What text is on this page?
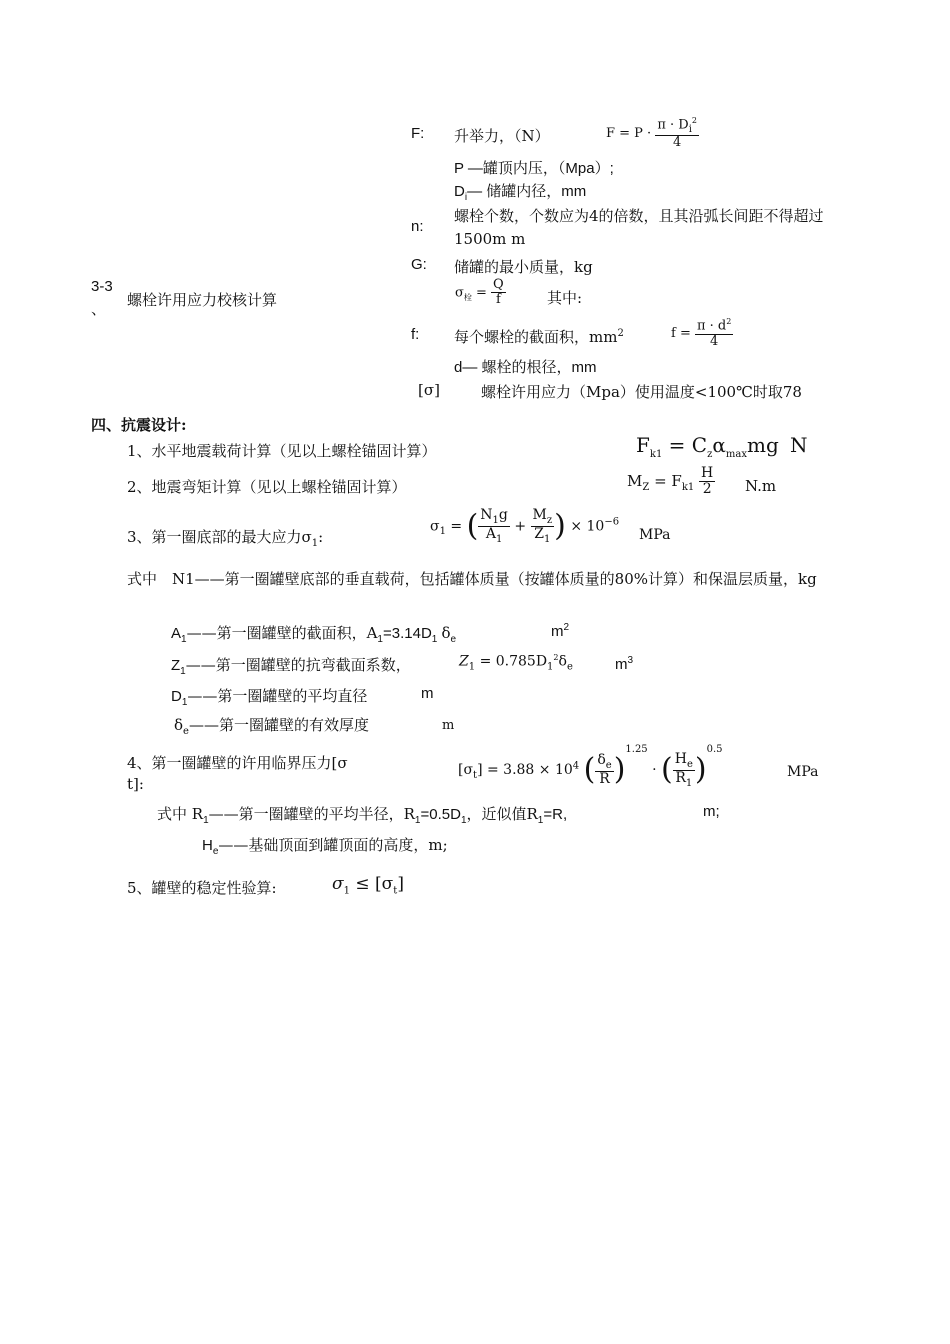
F: 升举力，（N）	$F = P \cdot \frac{\pi \cdot D_i^2}{4}$
P —罐顶内压，（Mpa）;
$D_i—$ 储罐内径，mm
n:
螺栓个数，个数应为4的倍数，且其沿弧长间距不得超过 1500m m
G: 储罐的最小质量，kg
3-3
、
螺栓许用应力校核计算	$\sigma_栓 = \frac{Q}{f}$	其中:
f: 每个螺栓的截面积，$mm^2$	$f = \frac{\pi \cdot d^2}{4}$
d— 螺栓的根径，mm
[σ]	螺栓许用应力（Mpa）使用温度<100℃时取78
四、抗震设计:
1、水平地震载荷计算（见以上螺栓锚固计算）	$F_{k1} = C_z\alpha_{max}mg$ N
2、地震弯矩计算（见以上螺栓锚固计算）	$M_Z = F_{k1} \frac{H}{2} N.m$
3、第一圈底部的最大应力$\sigma_1$:
$\sigma_1$ = ( $\frac{N_1g}{A_1} + \frac{M_z}{Z_1}$ ) × $10^{-6}$
MPa
式中　N1——第一圈罐壁底部的垂直载荷，包括罐体质量（按罐体质量的80%计算）和保温层质量，kg
$A_1——$第一圈罐壁的截面积，$A_1=3.14D_1$ $\delta_e$	$m^2$
$Z_1——$第一圈罐壁的抗弯截面系数，	$Z_1 = 0.785D_1^2\delta_e$	$m^3$
$D_1——$第一圈罐壁的平均直径	m
$\delta_e——$第一圈罐壁的有效厚度	m
4、第一圈罐壁的许用临界压力[σ
t]:
$[\sigma_t] = 3.88 \times 10^4$ ( $\frac{\delta_e}{R} )^{1.25}$ · ( $\frac{H_e}{R_1} )^{0.5}$
MPa
式中 $R_1——$第一圈罐壁的平均半径，$R_1=0.5D_1$，近似值$R_1=R$,	m;
$H_e——$基础顶面到罐顶面的高度，m;
5、罐壁的稳定性验算:	$\sigma_1 \le [\sigma_t]$
